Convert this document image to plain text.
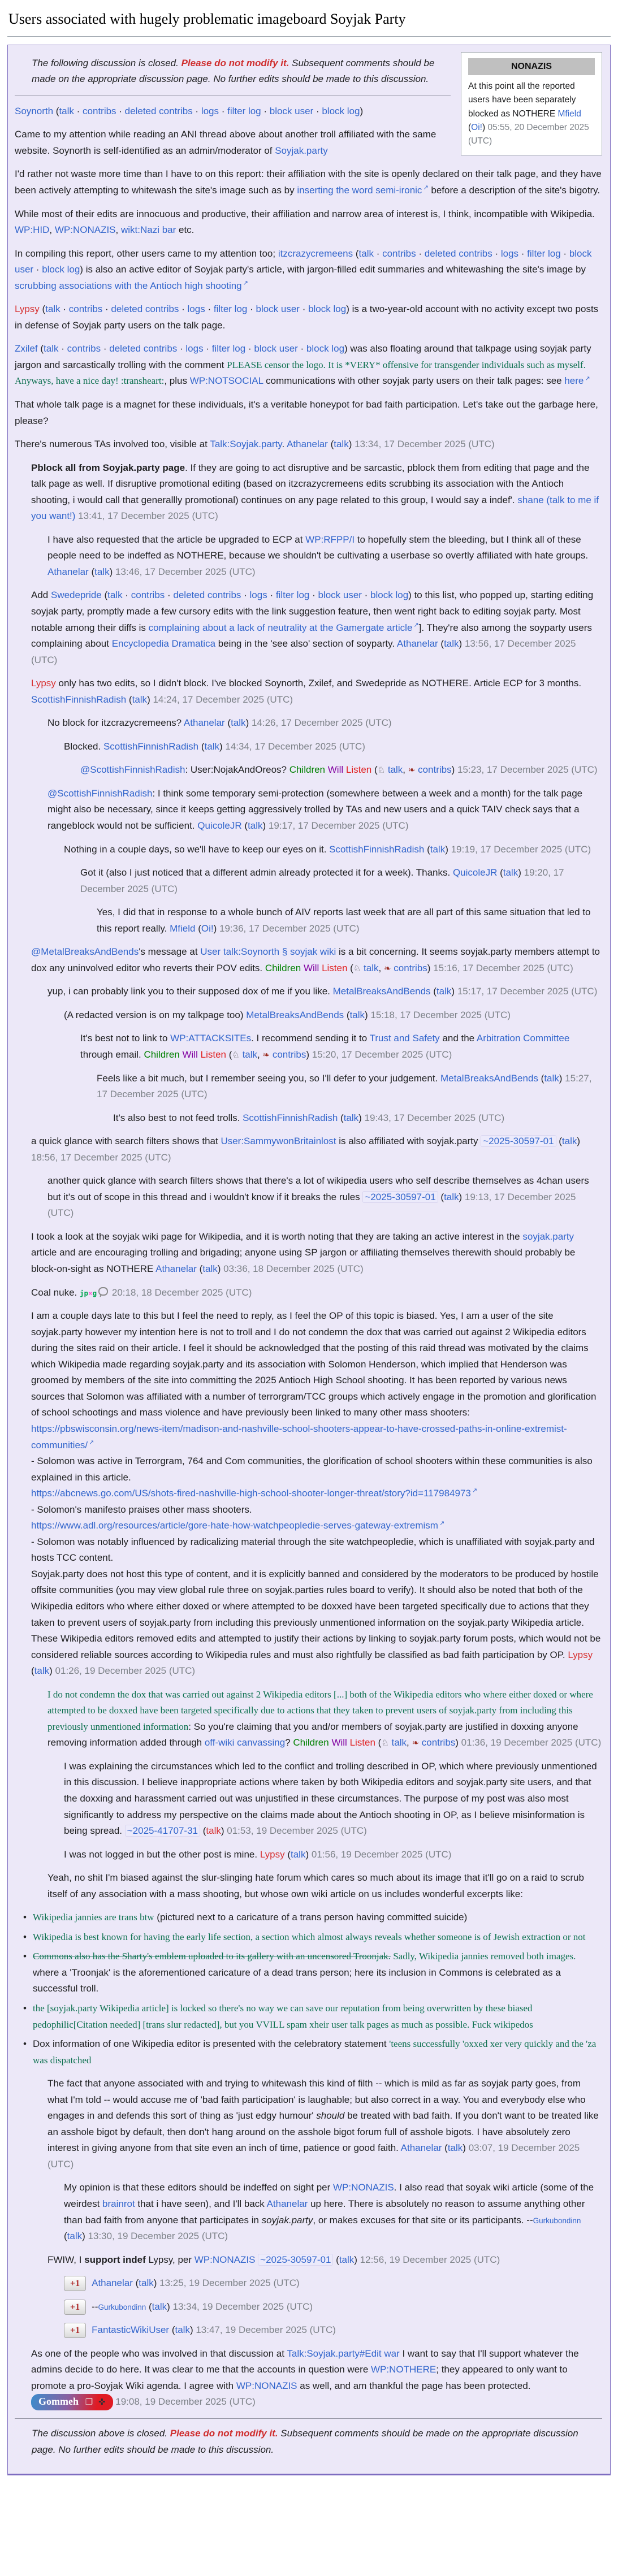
Users associated with hugely problematic imageboard Soyjak Party
NONAZIS
At this point all the reported users have been separately blocked as NOTHERE Mfield (Oi!) 05:55, 20 December 2025 (UTC)
The following discussion is closed. Please do not modify it. Subsequent comments should be made on the appropriate discussion page. No further edits should be made to this discussion.
Soynorth (talk · contribs · deleted contribs · logs · filter log · block user · block log)
Came to my attention while reading an ANI thread above about another troll affiliated with the same website. Soynorth is self-identified as an admin/moderator of Soyjak.party
I'd rather not waste more time than I have to on this report: their affiliation with the site is openly declared on their talk page, and they have been actively attempting to whitewash the site's image such as by inserting the word semi-ironic ↗ before a description of the site's bigotry.
While most of their edits are innocuous and productive, their affiliation and narrow area of interest is, I think, incompatible with Wikipedia. WP:HID, WP:NONAZIS, wikt:Nazi bar etc.
In compiling this report, other users came to my attention too; itzcrazycremeens (talk · contribs · deleted contribs · logs · filter log · block user · block log) is also an active editor of Soyjak party's article, with jargon-filled edit summaries and whitewashing the site's image by scrubbing associations with the Antioch high shooting ↗
Lypsy (talk · contribs · deleted contribs · logs · filter log · block user · block log) is a two-year-old account with no activity except two posts in defense of Soyjak party users on the talk page.
Zxilef (talk · contribs · deleted contribs · logs · filter log · block user · block log) was also floating around that talkpage using soyjak party jargon and sarcastically trolling with the comment PLEASE censor the logo. It is *VERY* offensive for transgender individuals such as myself. Anyways, have a nice day! :transheart:, plus WP:NOTSOCIAL communications with other soyjak party users on their talk pages: see here ↗
That whole talk page is a magnet for these individuals, it's a veritable honeypot for bad faith participation. Let's take out the garbage here, please?
There's numerous TAs involved too, visible at Talk:Soyjak.party. Athanelar (talk) 13:34, 17 December 2025 (UTC)
Pblock all from Soyjak.party page. If they are going to act disruptive and be sarcastic, pblock them from editing that page and the talk page as well. If disruptive promotional editing (based on itzcrazycremeens edits scrubbing its association with the Antioch shooting, i would call that generallly promotional) continues on any page related to this group, I would say a indef'. shane (talk to me if you want!) 13:41, 17 December 2025 (UTC)
I have also requested that the article be upgraded to ECP at WP:RFPP/I to hopefully stem the bleeding, but I think all of these people need to be indeffed as NOTHERE, because we shouldn't be cultivating a userbase so overtly affiliated with hate groups. Athanelar (talk) 13:46, 17 December 2025 (UTC)
Add Swedepride (talk · contribs · deleted contribs · logs · filter log · block user · block log) to this list, who popped up, starting editing soyjak party, promptly made a few cursory edits with the link suggestion feature, then went right back to editing soyjak party. Most notable among their diffs is complaining about a lack of neutrality at the Gamergate article ↗ ]. They're also among the soyparty users complaining about Encyclopedia Dramatica being in the 'see also' section of soyparty. Athanelar (talk) 13:56, 17 December 2025 (UTC)
Lypsy only has two edits, so I didn't block. I've blocked Soynorth, Zxilef, and Swedepride as NOTHERE. Article ECP for 3 months. ScottishFinnishRadish (talk) 14:24, 17 December 2025 (UTC)
No block for itzcrazycremeens? Athanelar (talk) 14:26, 17 December 2025 (UTC)
Blocked. ScottishFinnishRadish (talk) 14:34, 17 December 2025 (UTC)
@ScottishFinnishRadish: User:NojakAndOreos? Children Will Listen (♘ talk, ❧ contribs) 15:23, 17 December 2025 (UTC)
@ScottishFinnishRadish: I think some temporary semi-protection (somewhere between a week and a month) for the talk page might also be necessary, since it keeps getting aggressively trolled by TAs and new users and a quick TAIV check says that a rangeblock would not be sufficient. QuicoleJR (talk) 19:17, 17 December 2025 (UTC)
Nothing in a couple days, so we'll have to keep our eyes on it. ScottishFinnishRadish (talk) 19:19, 17 December 2025 (UTC)
Got it (also I just noticed that a different admin already protected it for a week). Thanks. QuicoleJR (talk) 19:20, 17 December 2025 (UTC)
Yes, I did that in response to a whole bunch of AIV reports last week that are all part of this same situation that led to this report really. Mfield (Oi!) 19:36, 17 December 2025 (UTC)
@MetalBreaksAndBends's message at User talk:Soynorth § soyjak wiki is a bit concerning. It seems soyjak.party members attempt to dox any uninvolved editor who reverts their POV edits. Children Will Listen (♘ talk, ❧ contribs) 15:16, 17 December 2025 (UTC)
yup, i can probably link you to their supposed dox of me if you like. MetalBreaksAndBends (talk) 15:17, 17 December 2025 (UTC)
(A redacted version is on my talkpage too) MetalBreaksAndBends (talk) 15:18, 17 December 2025 (UTC)
It's best not to link to WP:ATTACKSITEs. I recommend sending it to Trust and Safety and the Arbitration Committee through email. Children Will Listen (♘ talk, ❧ contribs) 15:20, 17 December 2025 (UTC)
Feels like a bit much, but I remember seeing you, so I'll defer to your judgement. MetalBreaksAndBends (talk) 15:27, 17 December 2025 (UTC)
It's also best to not feed trolls. ScottishFinnishRadish (talk) 19:43, 17 December 2025 (UTC)
a quick glance with search filters shows that User:SammywonBritainlost is also affiliated with soyjak.party ~2025-30597-01 (talk) 18:56, 17 December 2025 (UTC)
another quick glance with search filters shows that there's a lot of wikipedia users who self describe themselves as 4chan users but it's out of scope in this thread and i wouldn't know if it breaks the rules ~2025-30597-01 (talk) 19:13, 17 December 2025 (UTC)
I took a look at the soyjak wiki page for Wikipedia, and it is worth noting that they are taking an active interest in the soyjak.party article and are encouraging trolling and brigading; anyone using SP jargon or affiliating themselves therewith should probably be block-on-sight as NOTHERE Athanelar (talk) 03:36, 18 December 2025 (UTC)
Coal nuke. jp×g 20:18, 18 December 2025 (UTC)
I am a couple days late to this but I feel the need to reply, as I feel the OP of this topic is biased. Yes, I am a user of the site soyjak.party however my intention here is not to troll and I do not condemn the dox that was carried out against 2 Wikipedia editors during the sites raid on their article. I feel it should be acknowledged that the posting of this raid thread was motivated by the claims which Wikipedia made regarding soyjak.party and its association with Solomon Henderson, which implied that Henderson was groomed by members of the site into committing the 2025 Antioch High School shooting. It has been reported by various news sources that Solomon was affiliated with a number of terrorgram/TCC groups which actively engage in the promotion and glorification of school schootings and mass violence and have previously been linked to many other mass shooters:
https://pbswisconsin.org/news-item/madison-and-nashville-school-shooters-appear-to-have-crossed-paths-in-online-extremist-communities/ ↗
- Solomon was active in Terrorgram, 764 and Com communities, the glorification of school shooters within these communities is also explained in this article.
https://abcnews.go.com/US/shots-fired-nashville-high-school-shooter-longer-threat/story?id=117984973 ↗
- Solomon's manifesto praises other mass shooters.
https://www.adl.org/resources/article/gore-hate-how-watchpeopledie-serves-gateway-extremism ↗
- Solomon was notably influenced by radicalizing material through the site watchpeopledie, which is unaffiliated with soyjak.party and hosts TCC content.
Soyjak.party does not host this type of content, and it is explicitly banned and considered by the moderators to be produced by hostile offsite communities (you may view global rule three on soyjak.parties rules board to verify). It should also be noted that both of the Wikipedia editors who where either doxed or where attempted to be doxxed have been targeted specifically due to actions that they taken to prevent users of soyjak.party from including this previously unmentioned information on the soyjak.party Wikipedia article. These Wikipedia editors removed edits and attempted to justify their actions by linking to soyjak.party forum posts, which would not be considered reliable sources according to Wikipedia rules and must also rightfully be classified as bad faith participation by OP. Lypsy (talk) 01:26, 19 December 2025 (UTC)
I do not condemn the dox that was carried out against 2 Wikipedia editors [...] both of the Wikipedia editors who where either doxed or where attempted to be doxxed have been targeted specifically due to actions that they taken to prevent users of soyjak.party from including this previously unmentioned information: So you're claiming that you and/or members of soyjak.party are justified in doxxing anyone removing information added through off-wiki canvassing? Children Will Listen (♘ talk, ❧ contribs) 01:36, 19 December 2025 (UTC)
I was explaining the circumstances which led to the conflict and trolling described in OP, which where previously unmentioned in this discussion. I believe inappropriate actions where taken by both Wikipedia editors and soyjak.party site users, and that the doxxing and harassment carried out was unjustified in these circumstances. The purpose of my post was also most significantly to address my perspective on the claims made about the Antioch shooting in OP, as I believe misinformation is being spread. ~2025-41707-31 (talk) 01:53, 19 December 2025 (UTC)
I was not logged in but the other post is mine. Lypsy (talk) 01:56, 19 December 2025 (UTC)
Yeah, no shit I'm biased against the slur-slinging hate forum which cares so much about its image that it'll go on a raid to scrub itself of any association with a mass shooting, but whose own wiki article on us includes wonderful excerpts like:
• Wikipedia jannies are trans btw (pictured next to a caricature of a trans person having committed suicide)
• Wikipedia is best known for having the early life section, a section which almost always reveals whether someone is of Jewish extraction or not
• Commons also has the Sharty's emblem uploaded to its gallery with an uncensored Troonjak. Sadly, Wikipedia jannies removed both images. where a 'Troonjak' is the aforementioned caricature of a dead trans person; here its inclusion in Commons is celebrated as a successful troll.
• the [soyjak.party Wikipedia article] is locked so there's no way we can save our reputation from being overwritten by these biased pedophilic[Citation needed] [trans slur redacted], but you VVILL spam xheir user talk pages as much as possible. Fuck wikipedos
• Dox information of one Wikipedia editor is presented with the celebratory statement 'teens successfully 'oxxed xer very quickly and the 'za was dispatched
The fact that anyone associated with and trying to whitewash this kind of filth -- which is mild as far as soyjak party goes, from what I'm told -- would accuse me of 'bad faith participation' is laughable; but also correct in a way. You and everybody else who engages in and defends this sort of thing as 'just edgy humour' should be treated with bad faith. If you don't want to be treated like an asshole bigot by default, then don't hang around on the asshole bigot forum full of asshole bigots. I have absolutely zero interest in giving anyone from that site even an inch of time, patience or good faith. Athanelar (talk) 03:07, 19 December 2025 (UTC)
My opinion is that these editors should be indeffed on sight per WP:NONAZIS. I also read that soyak wiki article (some of the weirdest brainrot that i have seen), and I'll back Athanelar up here. There is absolutely no reason to assume anything other than bad faith from anyone that participates in soyjak.party, or makes excuses for that site or its participants. --Gurkubondinn (talk) 13:30, 19 December 2025 (UTC)
FWIW, I support indef Lypsy, per WP:NONAZIS ~2025-30597-01 (talk) 12:56, 19 December 2025 (UTC)
+1 Athanelar (talk) 13:25, 19 December 2025 (UTC)
+1 --Gurkubondinn (talk) 13:34, 19 December 2025 (UTC)
+1 FantasticWikiUser (talk) 13:47, 19 December 2025 (UTC)
As one of the people who was involved in that discussion at Talk:Soyjak.party#Edit war I want to say that I'll support whatever the admins decide to do here. It was clear to me that the accounts in question were WP:NOTHERE; they appeared to only want to promote a pro-Soyjak Wiki agenda. I agree with WP:NONAZIS as well, and am thankful the page has been protected. Gommeh ❐ ✜ 19:08, 19 December 2025 (UTC)
The discussion above is closed. Please do not modify it. Subsequent comments should be made on the appropriate discussion page. No further edits should be made to this discussion.
